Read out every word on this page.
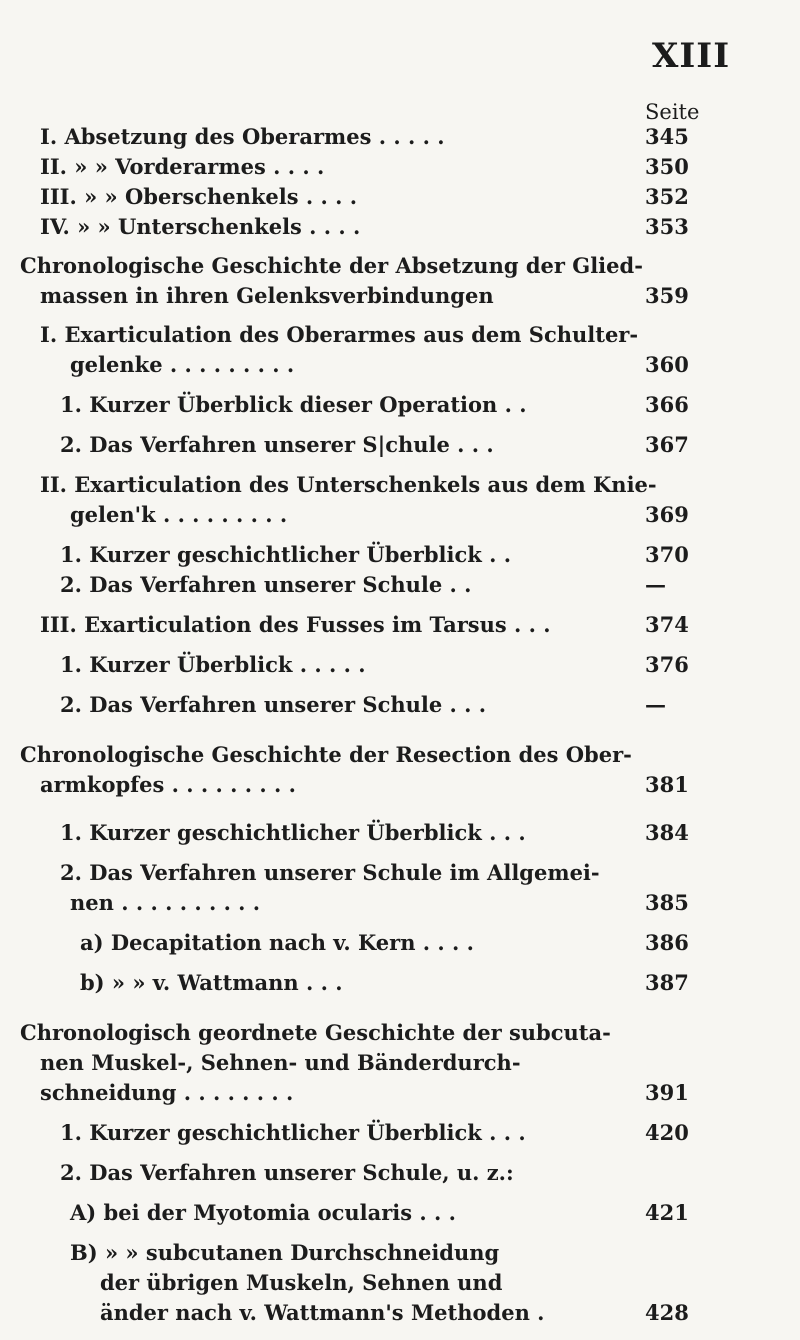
XIII
Seite
I. Absetzung des Oberarmes . . . . .	345
II. » » Vorderarmes . . . .	350
III. » » Oberschenkels . . . .	352
IV. » » Unterschenkels . . . .	353
Chronologische Geschichte der Absetzung der Glied-
massen in ihren Gelenksverbindungen	359
I. Exarticulation des Oberarmes aus dem Schulter-
gelenke . . . . . . . . .	360
1. Kurzer Überblick dieser Operation . .	366
2. Das Verfahren unserer S|chule . . .	367
II. Exarticulation des Unterschenkels aus dem Knie-
gelen'k . . . . . . . . .	369
1. Kurzer geschichtlicher Überblick . .	370
2. Das Verfahren unserer Schule . .	—
III. Exarticulation des Fusses im Tarsus . . .	374
1. Kurzer Überblick . . . . .	376
2. Das Verfahren unserer Schule . . .	—
Chronologische Geschichte der Resection des Ober-
armkopfes . . . . . . . . .	381
1. Kurzer geschichtlicher Überblick . . .	384
2. Das Verfahren unserer Schule im Allgemei-
nen . . . . . . . . . .	385
a) Decapitation nach v. Kern . . . .	386
b) » » v. Wattmann . . .	387
Chronologisch geordnete Geschichte der subcuta-
nen Muskel-, Sehnen- und Bänderdurch-
schneidung . . . . . . . .	391
1. Kurzer geschichtlicher Überblick . . .	420
2. Das Verfahren unserer Schule, u. z.:
A) bei der Myotomia ocularis . . .	421
B) » » subcutanen Durchschneidung
der übrigen Muskeln, Sehnen und
änder nach v. Wattmann's Methoden .	428
